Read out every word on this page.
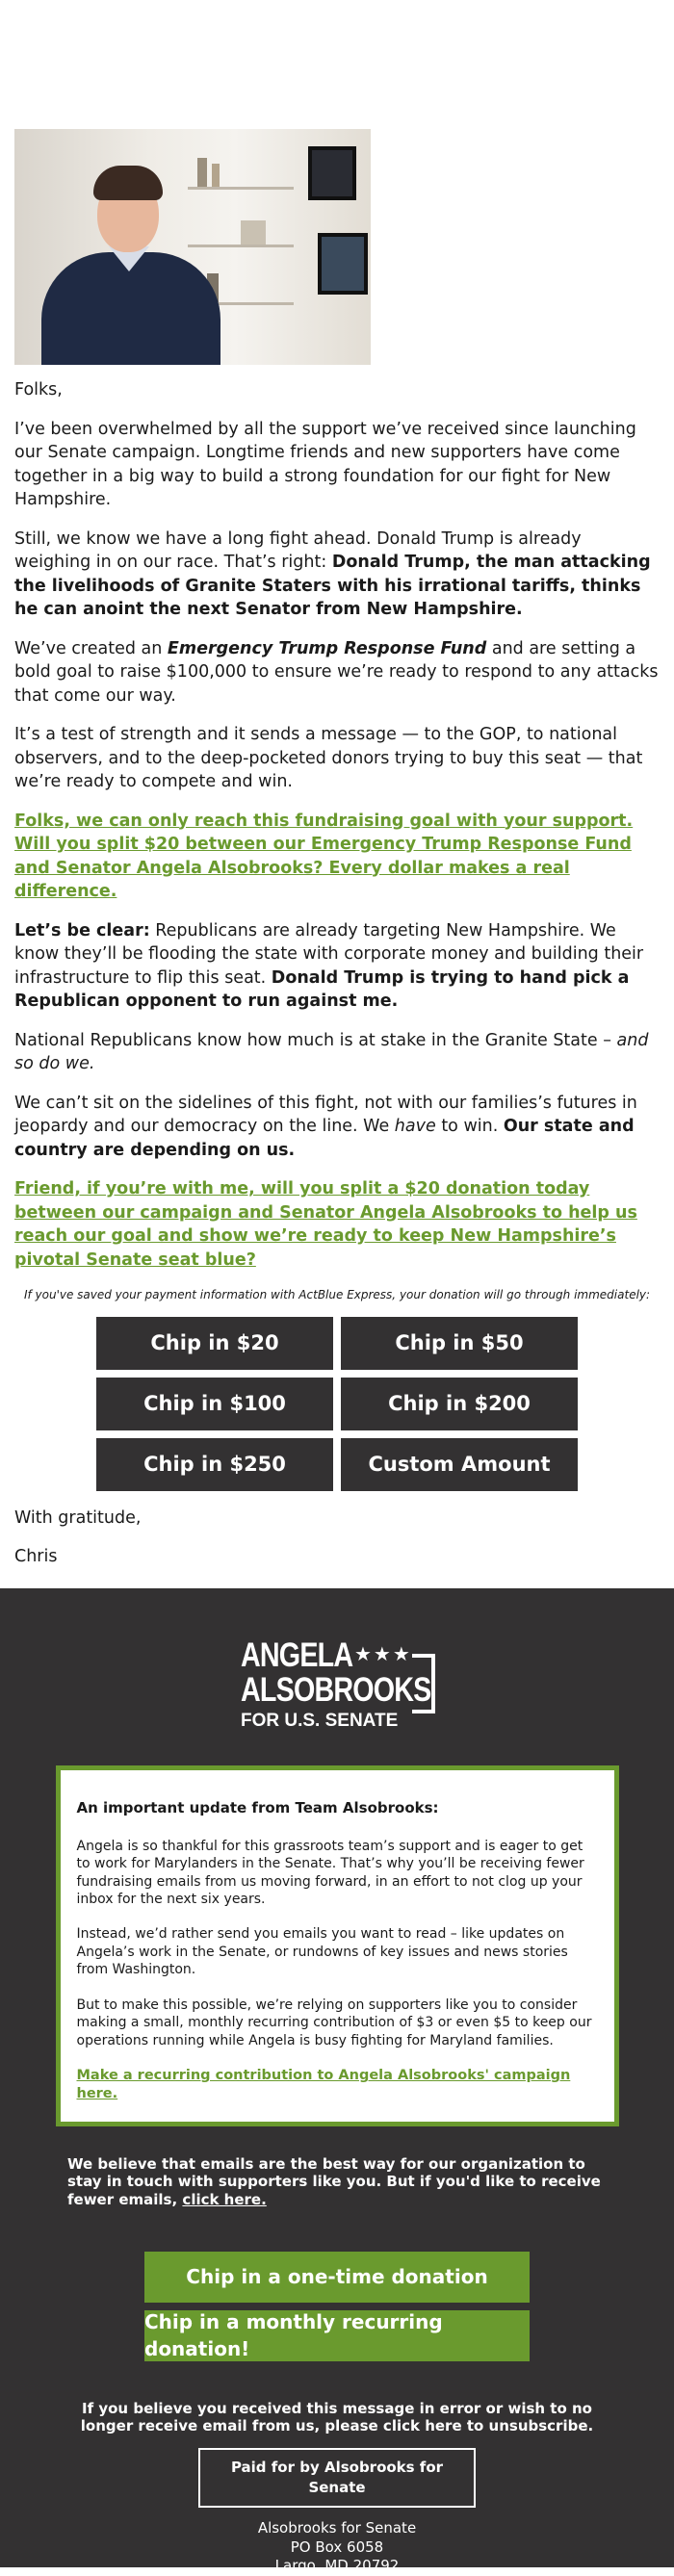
Folks,

I’ve been overwhelmed by all the support we’ve received since launching our Senate campaign. Longtime friends and new supporters have come together in a big way to build a strong foundation for our fight for New Hampshire.

Still, we know we have a long fight ahead. Donald Trump is already weighing in on our race. That’s right: Donald Trump, the man attacking the livelihoods of Granite Staters with his irrational tariffs, thinks he can anoint the next Senator from New Hampshire.

We’ve created an Emergency Trump Response Fund and are setting a bold goal to raise $100,000 to ensure we’re ready to respond to any attacks that come our way.

It’s a test of strength and it sends a message — to the GOP, to national observers, and to the deep-pocketed donors trying to buy this seat — that we’re ready to compete and win.

Folks, we can only reach this fundraising goal with your support. Will you split $20 between our Emergency Trump Response Fund and Senator Angela Alsobrooks? Every dollar makes a real difference.

Let’s be clear: Republicans are already targeting New Hampshire. We know they’ll be flooding the state with corporate money and building their infrastructure to flip this seat. Donald Trump is trying to hand pick a Republican opponent to run against me.

National Republicans know how much is at stake in the Granite State – and so do we.

We can’t sit on the sidelines of this fight, not with our families’s futures in jeopardy and our democracy on the line. We have to win. Our state and country are depending on us.

Friend, if you’re with me, will you split a $20 donation today between our campaign and Senator Angela Alsobrooks to help us reach our goal and show we’re ready to keep New Hampshire’s pivotal Senate seat blue?

If you've saved your payment information with ActBlue Express, your donation will go through immediately:
Chip in $20	Chip in $50
Chip in $100	Chip in $200
Chip in $250	Custom Amount

With gratitude,

Chris

ANGELA
ALSOBROOKS
FOR U.S. SENATE
★★★
An important update from Team Alsobrooks:

Angela is so thankful for this grassroots team’s support and is eager to get to work for Marylanders in the Senate. That’s why you’ll be receiving fewer fundraising emails from us moving forward, in an effort to not clog up your inbox for the next six years.

Instead, we’d rather send you emails you want to read – like updates on Angela’s work in the Senate, or rundowns of key issues and news stories from Washington.

But to make this possible, we’re relying on supporters like you to consider making a small, monthly recurring contribution of $3 or even $5 to keep our operations running while Angela is busy fighting for Maryland families.

Make a recurring contribution to Angela Alsobrooks' campaign here.
We believe that emails are the best way for our organization to stay in touch with supporters like you. But if you'd like to receive fewer emails, click here.
Chip in a one-time donation
Chip in a monthly recurring donation!
If you believe you received this message in error or wish to no longer receive email from us, please click here to unsubscribe.
Paid for by Alsobrooks for Senate
Alsobrooks for Senate
PO Box 6058
Largo, MD 20792
